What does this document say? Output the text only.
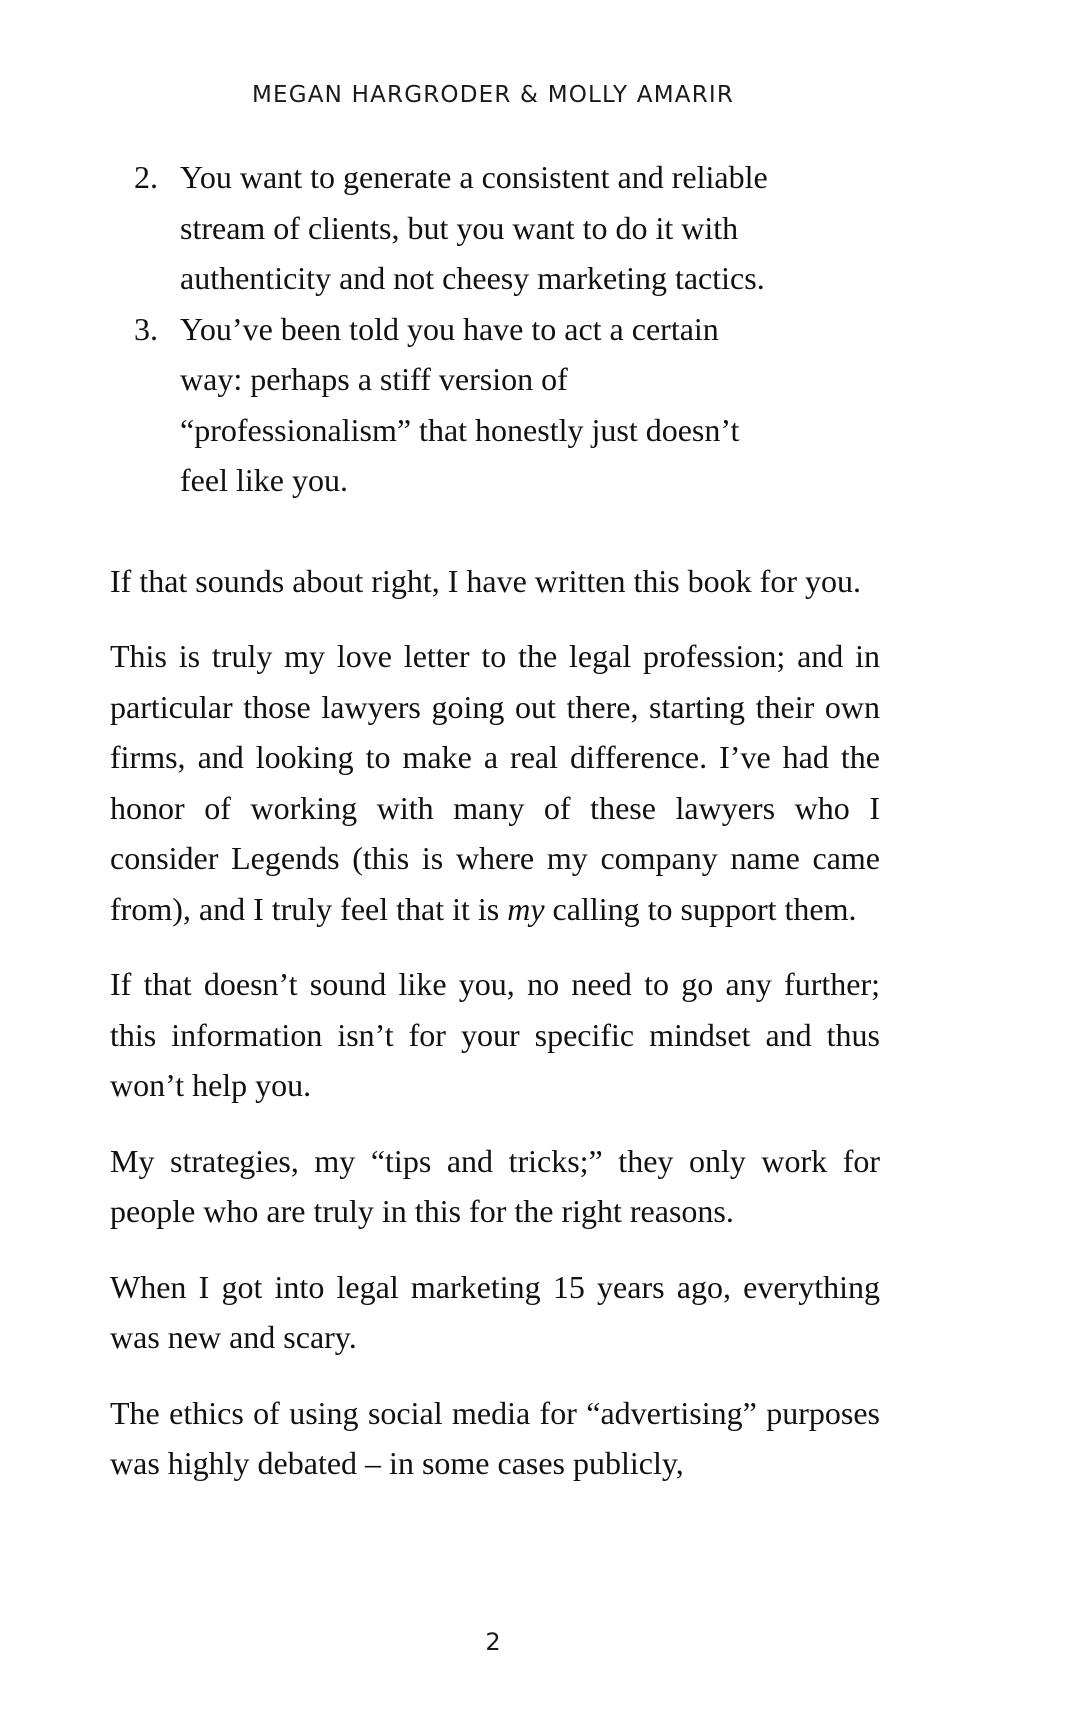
MEGAN HARGRODER & MOLLY AMARIR
2. You want to generate a consistent and reliable stream of clients, but you want to do it with authenticity and not cheesy marketing tactics.
3. You’ve been told you have to act a certain way: perhaps a stiff version of “professionalism” that honestly just doesn’t feel like you.

If that sounds about right, I have written this book for you.

This is truly my love letter to the legal profession; and in particular those lawyers going out there, starting their own firms, and looking to make a real difference. I’ve had the honor of working with many of these lawyers who I consider Legends (this is where my company name came from), and I truly feel that it is my calling to support them.

If that doesn’t sound like you, no need to go any further; this information isn’t for your specific mindset and thus won’t help you.

My strategies, my “tips and tricks;” they only work for people who are truly in this for the right reasons.

When I got into legal marketing 15 years ago, everything was new and scary.

The ethics of using social media for “advertising” purposes was highly debated – in some cases publicly,

2
